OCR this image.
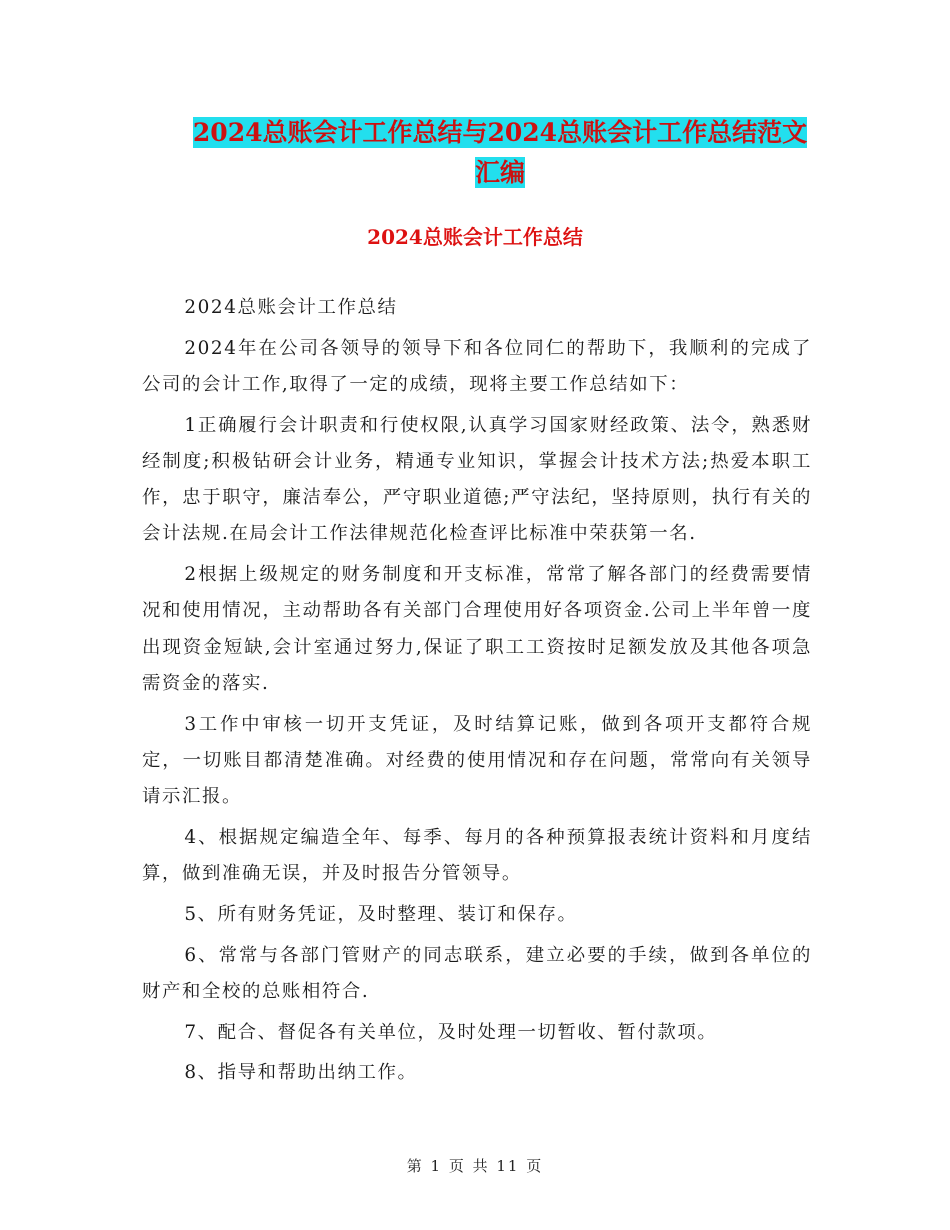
2024总账会计工作总结与2024总账会计工作总结范文
汇编
2024总账会计工作总结

2024总账会计工作总结

2024年在公司各领导的领导下和各位同仁的帮助下，我顺利的完成了公司的会计工作,取得了一定的成绩，现将主要工作总结如下：

1正确履行会计职责和行使权限,认真学习国家财经政策、法令，熟悉财经制度;积极钻研会计业务，精通专业知识，掌握会计技术方法;热爱本职工作，忠于职守，廉洁奉公，严守职业道德;严守法纪，坚持原则，执行有关的会计法规.在局会计工作法律规范化检查评比标准中荣获第一名.

2根据上级规定的财务制度和开支标准，常常了解各部门的经费需要情况和使用情况，主动帮助各有关部门合理使用好各项资金.公司上半年曾一度出现资金短缺,会计室通过努力,保证了职工工资按时足额发放及其他各项急需资金的落实.

3工作中审核一切开支凭证，及时结算记账，做到各项开支都符合规定，一切账目都清楚准确。对经费的使用情况和存在问题，常常向有关领导请示汇报。

4、根据规定编造全年、每季、每月的各种预算报表统计资料和月度结算，做到准确无误，并及时报告分管领导。

5、所有财务凭证，及时整理、装订和保存。

6、常常与各部门管财产的同志联系，建立必要的手续，做到各单位的财产和全校的总账相符合.

7、配合、督促各有关单位，及时处理一切暂收、暂付款项。

8、指导和帮助出纳工作。

第 1 页 共 11 页
